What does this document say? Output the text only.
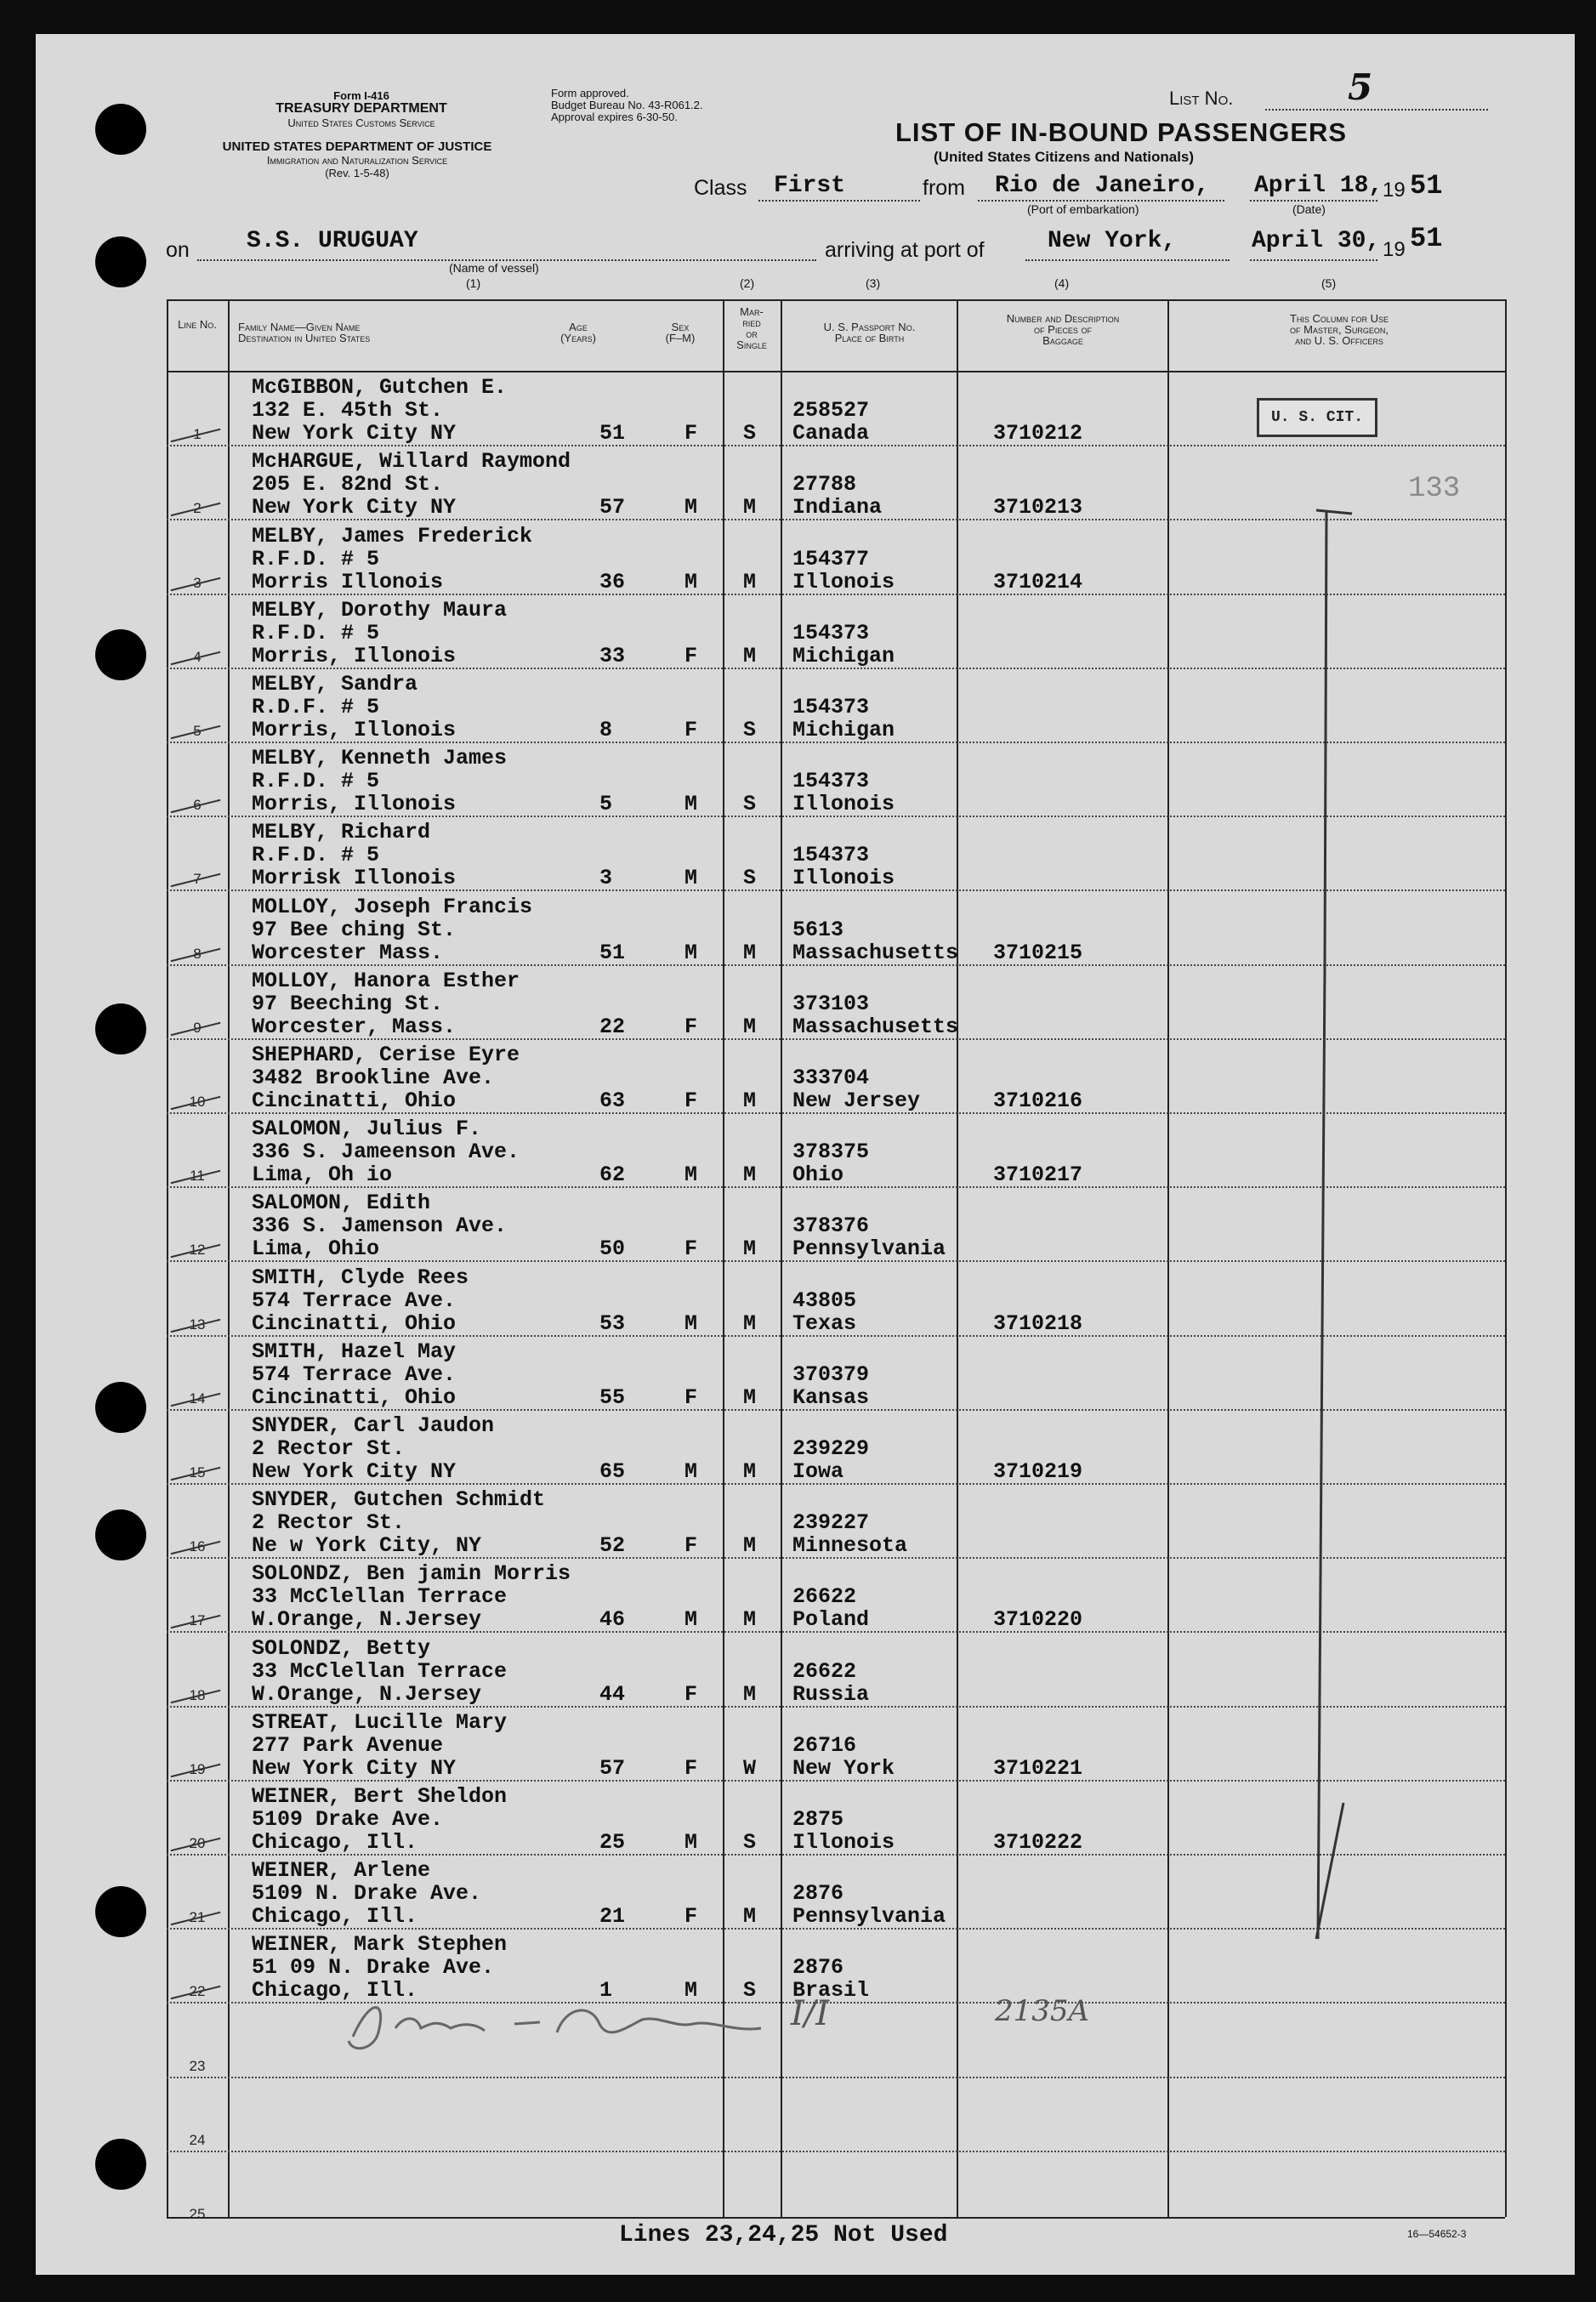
Form I-416
TREASURY DEPARTMENT
United States Customs Service
UNITED STATES DEPARTMENT OF JUSTICE
Immigration and Naturalization Service
(Rev. 1-5-48)
Form approved.
Budget Bureau No. 43-R061.2.
Approval expires 6-30-50.
List No.	5
LIST OF IN-BOUND PASSENGERS
(United States Citizens and Nationals)
Class First	from Rio de Janeiro,
(Port of embarkation)
April 18,
(Date)
19 51
on S.S. URUGUAY
(Name of vessel)
arriving at port of	New York,	April 30, 19 51
(1)	(2)	(3)	(4)	(5)
Line No.	Family Name—Given Name
Destination in United States
Age
(Years)
Sex
(F–M)
Mar-
ried
or
Single
U. S. Passport No.
Place of Birth
Number and Description
of Pieces of
Baggage
This Column for Use
of Master, Surgeon,
and U. S. Officers
1
McGIBBON, Gutchen E.
132 E. 45th St.
New York City NY	51	F S
258527
Canada	3710212
2
McHARGUE, Willard Raymond
205 E. 82nd St.
New York City NY	57	M M
27788
Indiana	3710213
3
MELBY, James Frederick
R.F.D. # 5
Morris Illonois	36	M M
154377
Illonois	3710214
4
MELBY, Dorothy Maura
R.F.D. # 5
Morris, Illonois	33	F M
154373
Michigan
5
MELBY, Sandra
R.D.F. # 5
Morris, Illonois	8	F S
154373
Michigan
6
MELBY, Kenneth James
R.F.D. # 5
Morris, Illonois	5	M S
154373
Illonois
7
MELBY, Richard
R.F.D. # 5
Morrisk Illonois	3	M S
154373
Illonois
8
MOLLOY, Joseph Francis
97 Bee ching St.
Worcester Mass.	51	M M
5613
Massachusetts 3710215
9
MOLLOY, Hanora Esther
97 Beeching St.
Worcester, Mass.	22	F M
373103
Massachusetts
10
SHEPHARD, Cerise Eyre
3482 Brookline Ave.
Cincinatti, Ohio	63	F M
333704
New Jersey	3710216
11
SALOMON, Julius F.
336 S. Jameenson Ave.
Lima, Oh io	62	M M
378375
Ohio	3710217
12
SALOMON, Edith
336 S. Jamenson Ave.
Lima, Ohio	50	F M
378376
Pennsylvania
13
SMITH, Clyde Rees
574 Terrace Ave.
Cincinatti, Ohio	53	M M
43805
Texas	3710218
14
SMITH, Hazel May
574 Terrace Ave.
Cincinatti, Ohio	55	F M
370379
Kansas
15
SNYDER, Carl Jaudon
2 Rector St.
New York City NY	65	M M
239229
Iowa	3710219
16
SNYDER, Gutchen Schmidt
2 Rector St.
Ne w York City, NY	52	F M
239227
Minnesota
17
SOLONDZ, Ben jamin Morris
33 McClellan Terrace
W.Orange, N.Jersey	46	M M
26622
Poland	3710220
18
SOLONDZ, Betty
33 McClellan Terrace
W.Orange, N.Jersey	44	F M
26622
Russia
19
STREAT, Lucille Mary
277 Park Avenue
New York City NY	57	F W
26716
New York	3710221
20
WEINER, Bert Sheldon
5109 Drake Ave.
Chicago, Ill.	25	M S
2875
Illonois	3710222
21
WEINER, Arlene
5109 N. Drake Ave.
Chicago, Ill.	21	F M
2876
Pennsylvania
22
WEINER, Mark Stephen
51 09 N. Drake Ave.
Chicago, Ill.	1	M S
2876
Brasil
23
24
25
U. S. CIT.
133
I/I	2135A
Lines 23,24,25 Not Used	16—54652-3
